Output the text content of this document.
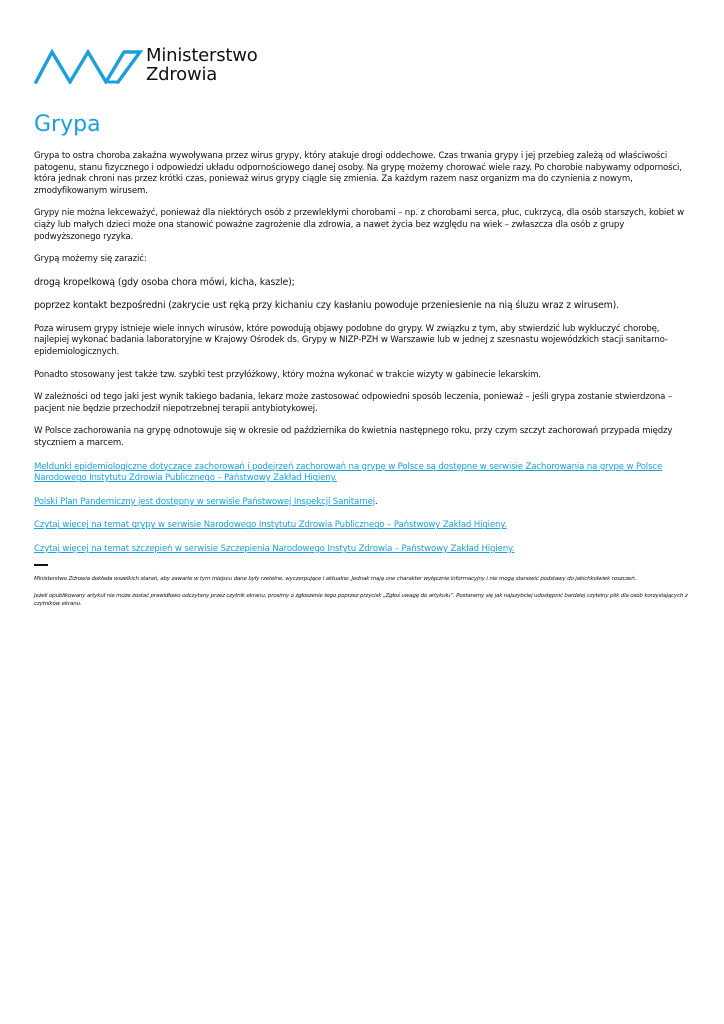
Ministerstwo
Zdrowia
Grypa

Grypa to ostra choroba zakaźna wywoływana przez wirus grypy, który atakuje drogi oddechowe. Czas trwania grypy i jej przebieg zależą od właściwości patogenu, stanu fizycznego i odpowiedzi układu odpornościowego danej osoby. Na grypę możemy chorować wiele razy. Po chorobie nabywamy odporności, która jednak chroni nas przez krótki czas, ponieważ wirus grypy ciągle się zmienia. Za każdym razem nasz organizm ma do czynienia z nowym, zmodyfikowanym wirusem.

Grypy nie można lekceważyć, ponieważ dla niektórych osób z przewlekłymi chorobami – np. z chorobami serca, płuc, cukrzycą, dla osób starszych, kobiet w ciąży lub małych dzieci może ona stanowić poważne zagrożenie dla zdrowia, a nawet życia bez względu na wiek – zwłaszcza dla osób z grupy podwyższonego ryzyka.

Grypą możemy się zarazić:

drogą kropelkową (gdy osoba chora mówi, kicha, kaszle);

poprzez kontakt bezpośredni (zakrycie ust ręką przy kichaniu czy kasłaniu powoduje przeniesienie na nią śluzu wraz z wirusem).

Poza wirusem grypy istnieje wiele innych wirusów, które powodują objawy podobne do grypy. W związku z tym, aby stwierdzić lub wykluczyć chorobę, najlepiej wykonać badania laboratoryjne w Krajowy Ośrodek ds. Grypy w NIZP-PZH w Warszawie lub w jednej z szesnastu wojewódzkich stacji sanitarno-epidemiologicznych.

Ponadto stosowany jest także tzw. szybki test przyłóżkowy, który można wykonać w trakcie wizyty w gabinecie lekarskim.

W zależności od tego jaki jest wynik takiego badania, lekarz może zastosować odpowiedni sposób leczenia, ponieważ – jeśli grypa zostanie stwierdzona – pacjent nie będzie przechodził niepotrzebnej terapii antybiotykowej.

W Polsce zachorowania na grypę odnotowuje się w okresie od października do kwietnia następnego roku, przy czym szczyt zachorowań przypada między styczniem a marcem.

Meldunki epidemiologiczne dotyczące zachorowań i podejrzeń zachorowań na grypę w Polsce są dostępne w serwisie Zachorowania na grypę w Polsce Narodowego Instytutu Zdrowia Publicznego – Państwowy Zakład Higieny.

Polski Plan Pandemiczny jest dostępny w serwisie Państwowej Inspekcji Sanitarnej.

Czytaj więcej na temat grypy w serwisie Narodowego Instytutu Zdrowia Publicznego – Państwowy Zakład Higieny.

Czytaj więcej na temat szczepień w serwisie Szczepienia Narodowego Instytu Zdrowia – Państwowy Zakład Higieny.

Ministerstwo Zdrowia dokłada wszelkich starań, aby zawarte w tym miejscu dane były rzetelne, wyczerpujące i aktualne. Jednak mają one charakter wyłącznie informacyjny i nie mogą stanowić podstawy do jakichkolwiek roszczeń.

Jeżeli opublikowany artykuł nie może zostać prawidłowo odczytany przez czytnik ekranu, prosimy o zgłoszenie tego poprzez przycisk „Zgłoś uwagę do artykułu”. Postaramy się jak najszybciej udostępnić bardziej czytelny plik dla osób korzystających z czytników ekranu.
